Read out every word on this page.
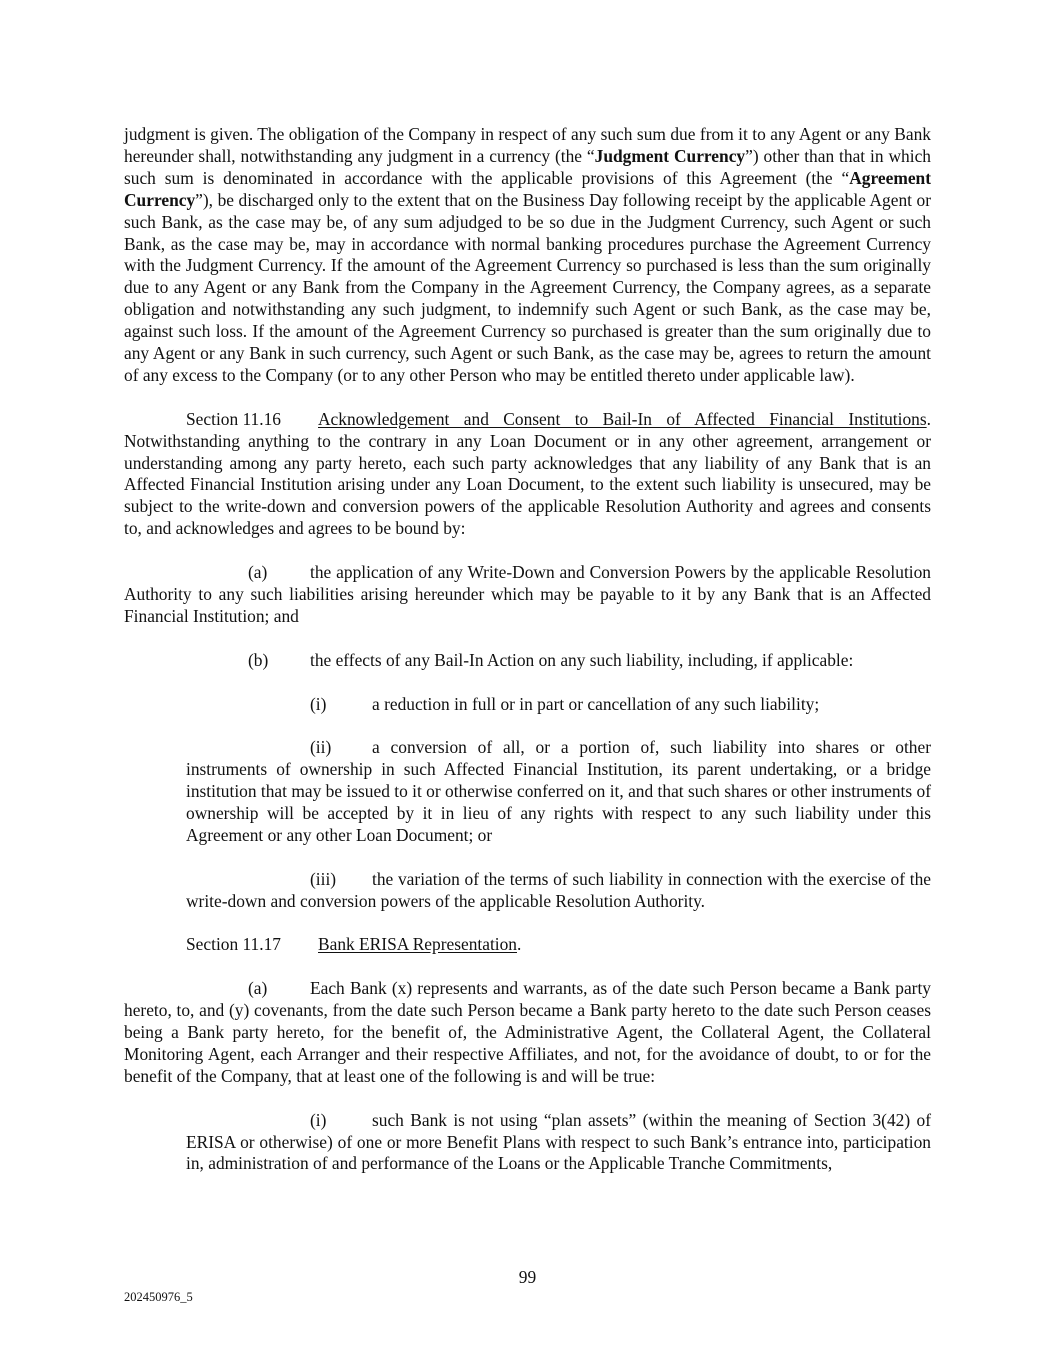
judgment is given. The obligation of the Company in respect of any such sum due from it to any Agent or any Bank hereunder shall, notwithstanding any judgment in a currency (the “Judgment Currency”) other than that in which such sum is denominated in accordance with the applicable provisions of this Agreement (the “Agreement Currency”), be discharged only to the extent that on the Business Day following receipt by the applicable Agent or such Bank, as the case may be, of any sum adjudged to be so due in the Judgment Currency, such Agent or such Bank, as the case may be, may in accordance with normal banking procedures purchase the Agreement Currency with the Judgment Currency. If the amount of the Agreement Currency so purchased is less than the sum originally due to any Agent or any Bank from the Company in the Agreement Currency, the Company agrees, as a separate obligation and notwithstanding any such judgment, to indemnify such Agent or such Bank, as the case may be, against such loss. If the amount of the Agreement Currency so purchased is greater than the sum originally due to any Agent or any Bank in such currency, such Agent or such Bank, as the case may be, agrees to return the amount of any excess to the Company (or to any other Person who may be entitled thereto under applicable law).

Section 11.16 Acknowledgement and Consent to Bail-In of Affected Financial Institutions. Notwithstanding anything to the contrary in any Loan Document or in any other agreement, arrangement or understanding among any party hereto, each such party acknowledges that any liability of any Bank that is an Affected Financial Institution arising under any Loan Document, to the extent such liability is unsecured, may be subject to the write-down and conversion powers of the applicable Resolution Authority and agrees and consents to, and acknowledges and agrees to be bound by:

(a) the application of any Write-Down and Conversion Powers by the applicable Resolution Authority to any such liabilities arising hereunder which may be payable to it by any Bank that is an Affected Financial Institution; and

(b) the effects of any Bail-In Action on any such liability, including, if applicable:

(i)	a reduction in full or in part or cancellation of any such liability;

(ii) a conversion of all, or a portion of, such liability into shares or other instruments of ownership in such Affected Financial Institution, its parent undertaking, or a bridge institution that may be issued to it or otherwise conferred on it, and that such shares or other instruments of ownership will be accepted by it in lieu of any rights with respect to any such liability under this Agreement or any other Loan Document; or

(iii) the variation of the terms of such liability in connection with the exercise of the write-down and conversion powers of the applicable Resolution Authority.

Section 11.17 Bank ERISA Representation.

(a) Each Bank (x) represents and warrants, as of the date such Person became a Bank party hereto, to, and (y) covenants, from the date such Person became a Bank party hereto to the date such Person ceases being a Bank party hereto, for the benefit of, the Administrative Agent, the Collateral Agent, the Collateral Monitoring Agent, each Arranger and their respective Affiliates, and not, for the avoidance of doubt, to or for the benefit of the Company, that at least one of the following is and will be true:

(i)	such Bank is not using “plan assets” (within the meaning of Section 3(42) of ERISA or otherwise) of one or more Benefit Plans with respect to such Bank’s entrance into, participation in, administration of and performance of the Loans or the Applicable Tranche Commitments,

99
202450976_5
